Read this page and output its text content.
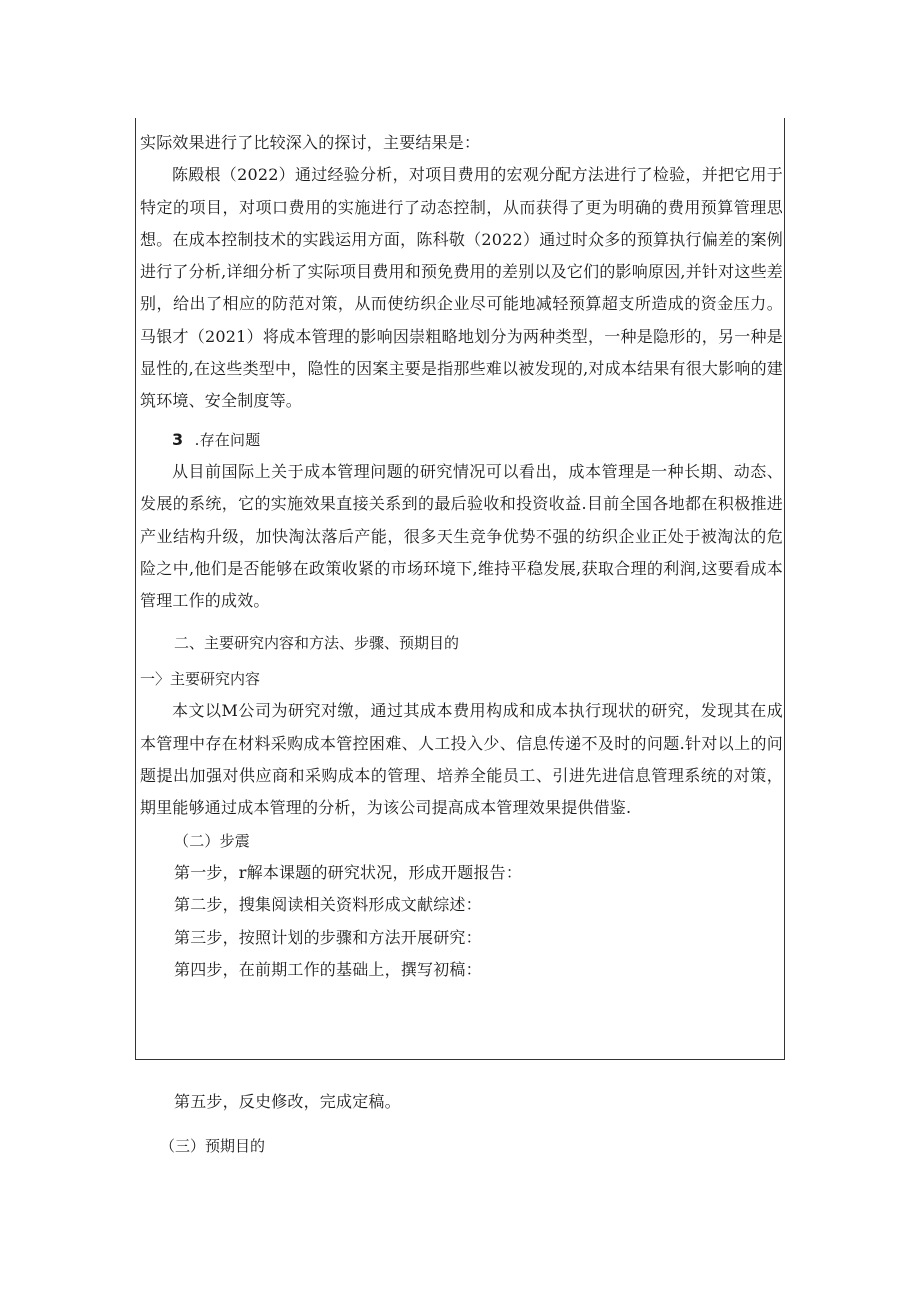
实际效果进行了比较深入的探讨，主要结果是：

陈殿根（2022）通过经验分析，对项目费用的宏观分配方法进行了检验，并把它用于特定的项目，对项口费用的实施进行了动态控制，从而获得了更为明确的费用预算管理思想。在成本控制技术的实践运用方面，陈科敬（2022）通过时众多的预算执行偏差的案例进行了分析,详细分析了实际项目费用和预免费用的差别以及它们的影响原因,并针对这些差别，给出了相应的防范对策，从而使纺织企业尽可能地减轻预算超支所造成的资金压力。马银才（2021）将成本管理的影响因崇粗略地划分为两种类型，一种是隐形的，另一种是显性的,在这些类型中，隐性的因案主要是指那些难以被发现的,对成本结果有很大影响的建筑环境、安全制度等。

3 .存在问题

从目前国际上关于成本管理问题的研究情况可以看出，成本管理是一种长期、动态、发展的系统，它的实施效果直接关系到的最后验收和投资收益.目前全国各地都在积极推进产业结构升级，加快淘汰落后产能，很多天生竞争优势不强的纺织企业正处于被淘汰的危险之中,他们是否能够在政策收紧的市场环境下,维持平稳发展,获取合理的利润,这要看成本管理工作的成效。

二、主要研究内容和方法、步骤、预期目的

一〉主要研究内容

本文以M公司为研究对缴，通过其成本费用构成和成本执行现状的研究，发现其在成本管理中存在材料采购成本管控困难、人工投入少、信息传递不及时的问题.针对以上的问题提出加强对供应商和采购成本的管理、培养全能员工、引进先进信息管理系统的对策，期里能够通过成本管理的分析，为该公司提高成本管理效果提供借鉴.

（二）步震

第一步，r解本课题的研究状况，形成开题报告：

第二步，搜集阅读相关资料形成文献综述：

第三步，按照计划的步骤和方法开展研究：

第四步，在前期工作的基础上，撰写初稿：

第五步，反史修改，完成定稿。

（三）预期目的
